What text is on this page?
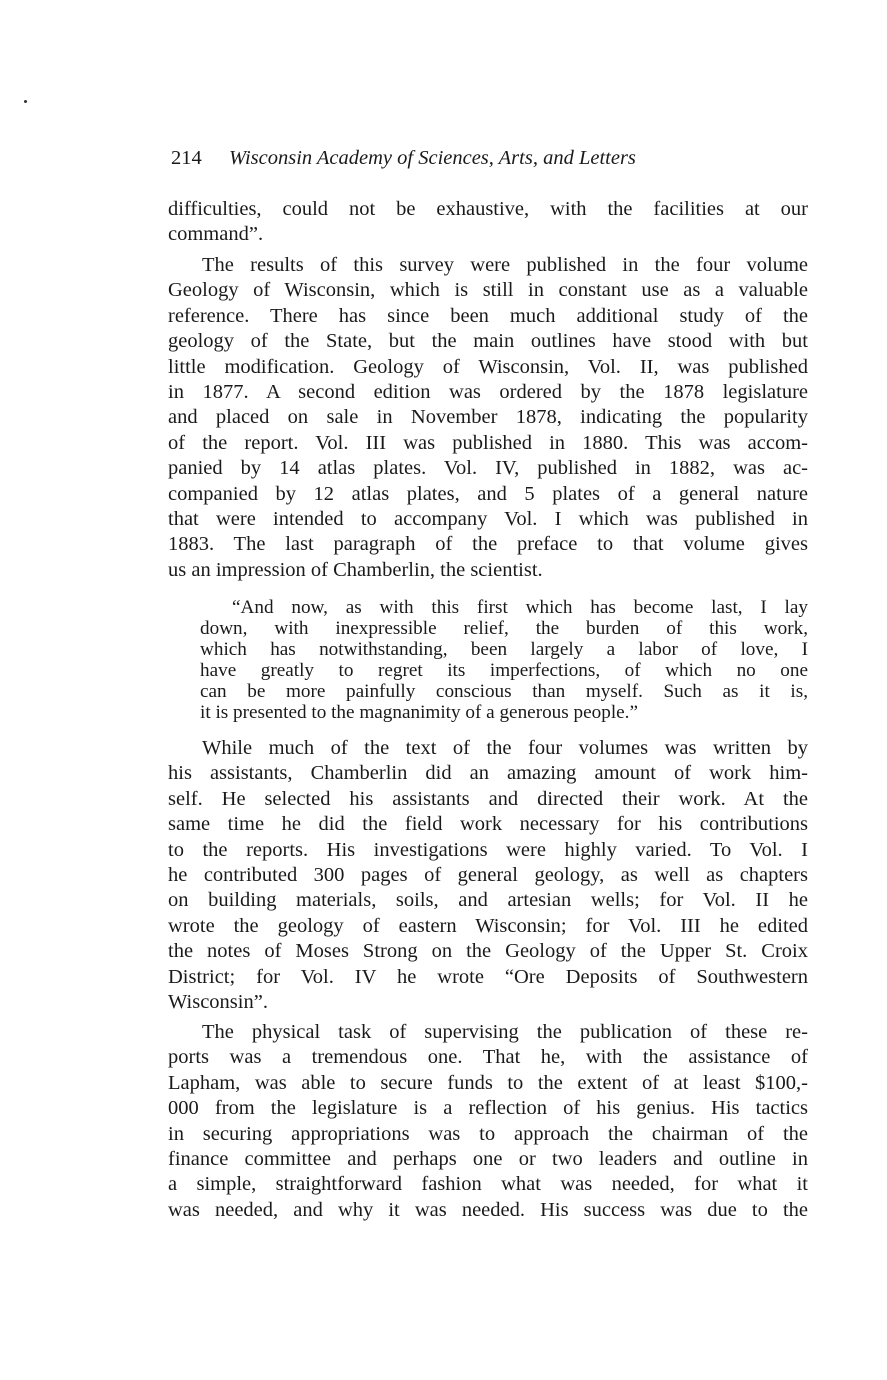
214 Wisconsin Academy of Sciences, Arts, and Letters
difficulties, could not be exhaustive, with the facilities at our
command”.
The results of this survey were published in the four volume
Geology of Wisconsin, which is still in constant use as a valuable
reference. There has since been much additional study of the
geology of the State, but the main outlines have stood with but
little modification. Geology of Wisconsin, Vol. II, was published
in 1877. A second edition was ordered by the 1878 legislature
and placed on sale in November 1878, indicating the popularity
of the report. Vol. III was published in 1880. This was accom-
panied by 14 atlas plates. Vol. IV, published in 1882, was ac-
companied by 12 atlas plates, and 5 plates of a general nature
that were intended to accompany Vol. I which was published in
1883. The last paragraph of the preface to that volume gives
us an impression of Chamberlin, the scientist.
“And now, as with this first which has become last, I lay
down, with inexpressible relief, the burden of this work,
which has notwithstanding, been largely a labor of love, I
have greatly to regret its imperfections, of which no one
can be more painfully conscious than myself. Such as it is,
it is presented to the magnanimity of a generous people.”
While much of the text of the four volumes was written by
his assistants, Chamberlin did an amazing amount of work him-
self. He selected his assistants and directed their work. At the
same time he did the field work necessary for his contributions
to the reports. His investigations were highly varied. To Vol. I
he contributed 300 pages of general geology, as well as chapters
on building materials, soils, and artesian wells; for Vol. II he
wrote the geology of eastern Wisconsin; for Vol. III he edited
the notes of Moses Strong on the Geology of the Upper St. Croix
District; for Vol. IV he wrote “Ore Deposits of Southwestern
Wisconsin”.
The physical task of supervising the publication of these re-
ports was a tremendous one. That he, with the assistance of
Lapham, was able to secure funds to the extent of at least $100,-
000 from the legislature is a reflection of his genius. His tactics
in securing appropriations was to approach the chairman of the
finance committee and perhaps one or two leaders and outline in
a simple, straightforward fashion what was needed, for what it
was needed, and why it was needed. His success was due to the
